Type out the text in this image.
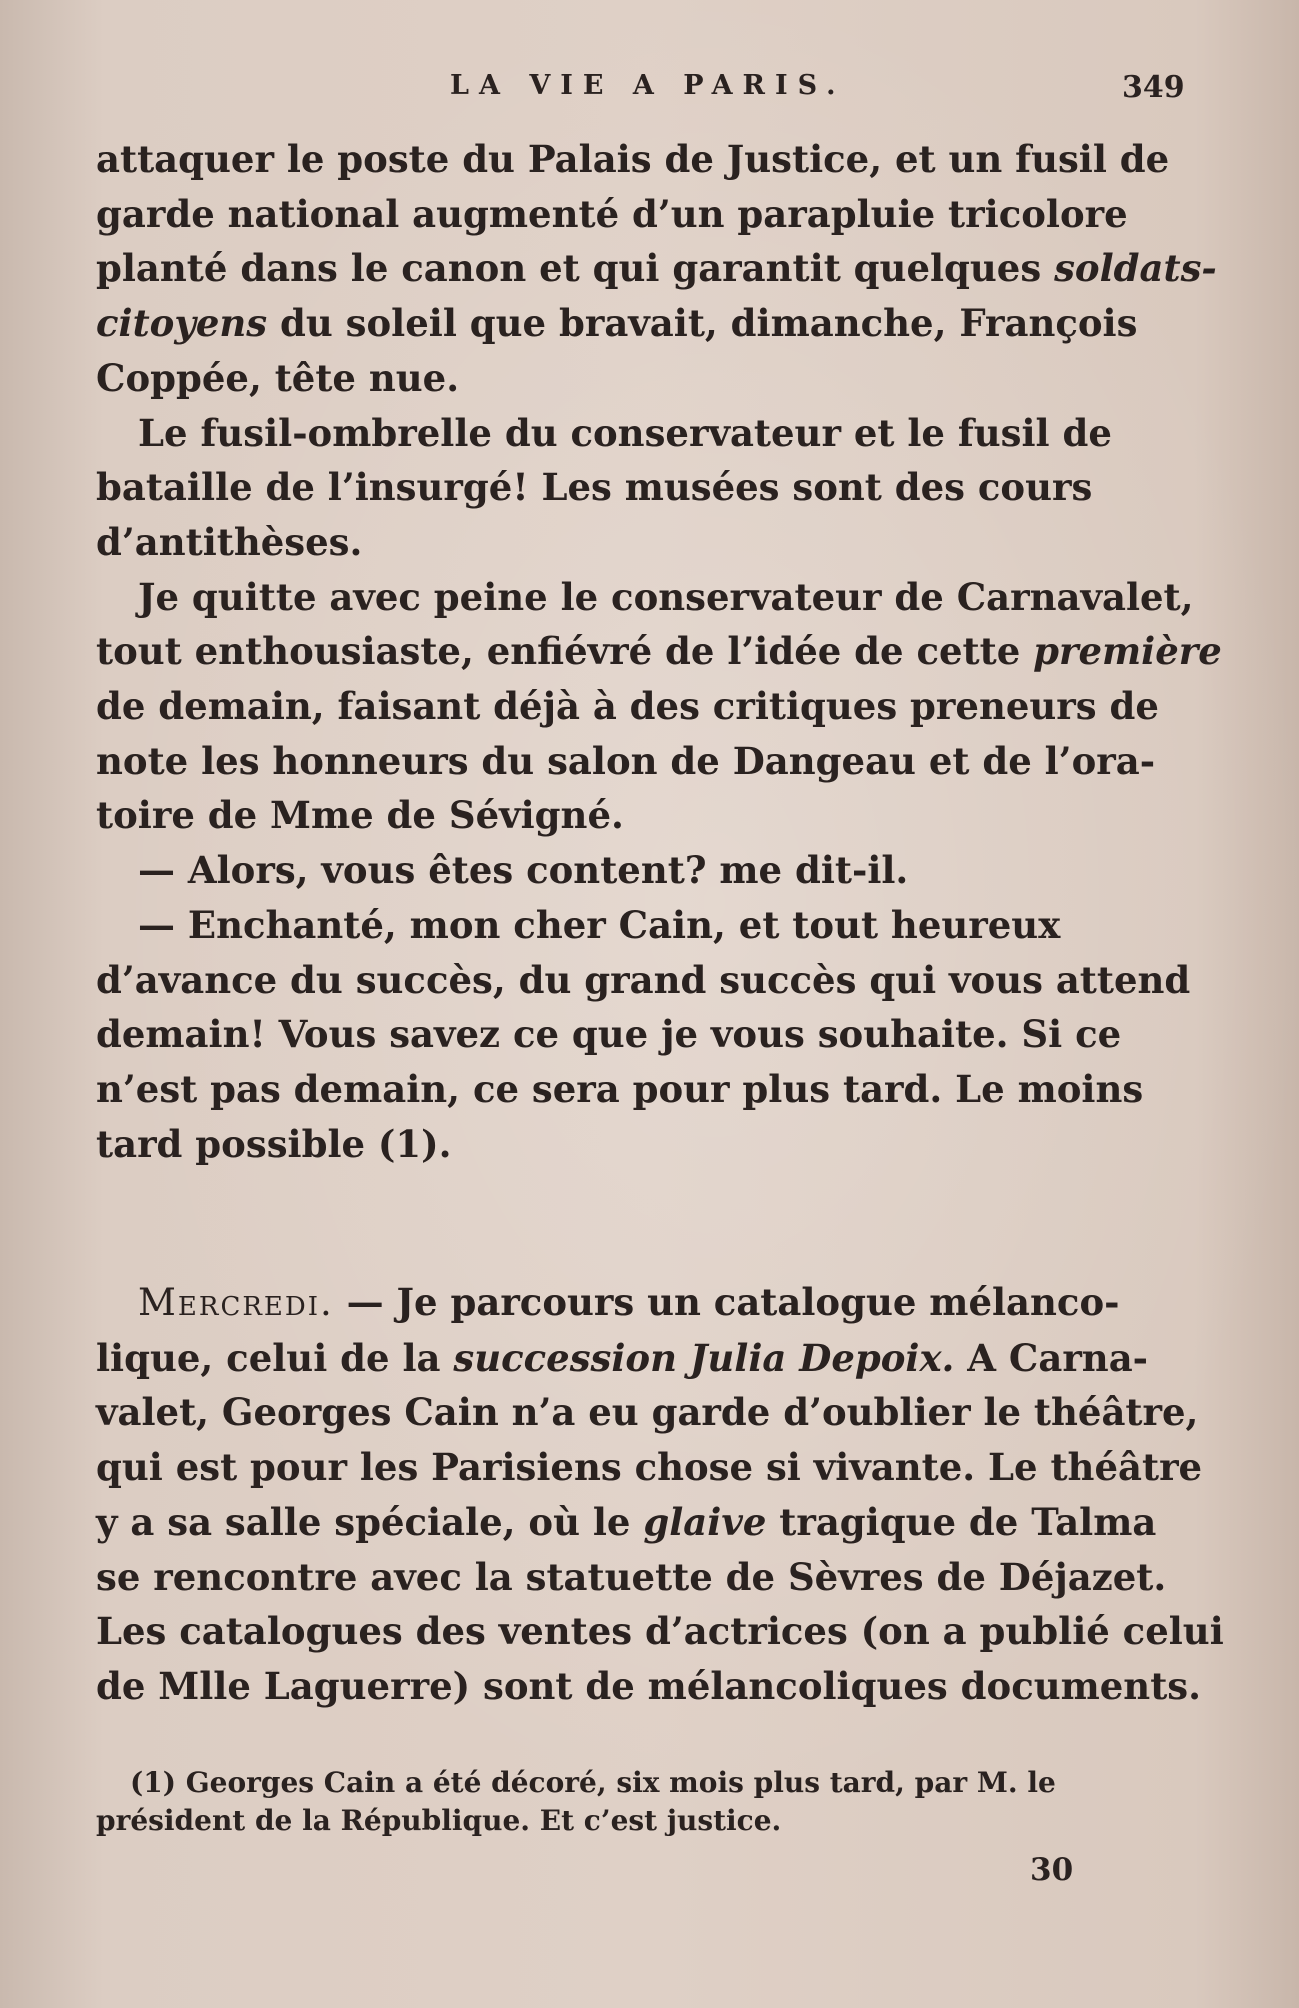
LA VIE A PARIS.	349
attaquer le poste du Palais de Justice, et un fusil de
garde national augmenté d’un parapluie tricolore
planté dans le canon et qui garantit quelques soldats-
citoyens du soleil que bravait, dimanche, François
Coppée, tête nue.
Le fusil-ombrelle du conservateur et le fusil de
bataille de l’insurgé! Les musées sont des cours
d’antithèses.
Je quitte avec peine le conservateur de Carnavalet,
tout enthousiaste, enfiévré de l’idée de cette première
de demain, faisant déjà à des critiques preneurs de
note les honneurs du salon de Dangeau et de l’ora-
toire de Mme de Sévigné.
— Alors, vous êtes content? me dit-il.
— Enchanté, mon cher Cain, et tout heureux
d’avance du succès, du grand succès qui vous attend
demain! Vous savez ce que je vous souhaite. Si ce
n’est pas demain, ce sera pour plus tard. Le moins
tard possible (1).
Mercredi. — Je parcours un catalogue mélanco-
lique, celui de la succession Julia Depoix. A Carna-
valet, Georges Cain n’a eu garde d’oublier le théâtre,
qui est pour les Parisiens chose si vivante. Le théâtre
y a sa salle spéciale, où le glaive tragique de Talma
se rencontre avec la statuette de Sèvres de Déjazet.
Les catalogues des ventes d’actrices (on a publié celui
de Mlle Laguerre) sont de mélancoliques documents.
(1) Georges Cain a été décoré, six mois plus tard, par M. le
président de la République. Et c’est justice.
30
